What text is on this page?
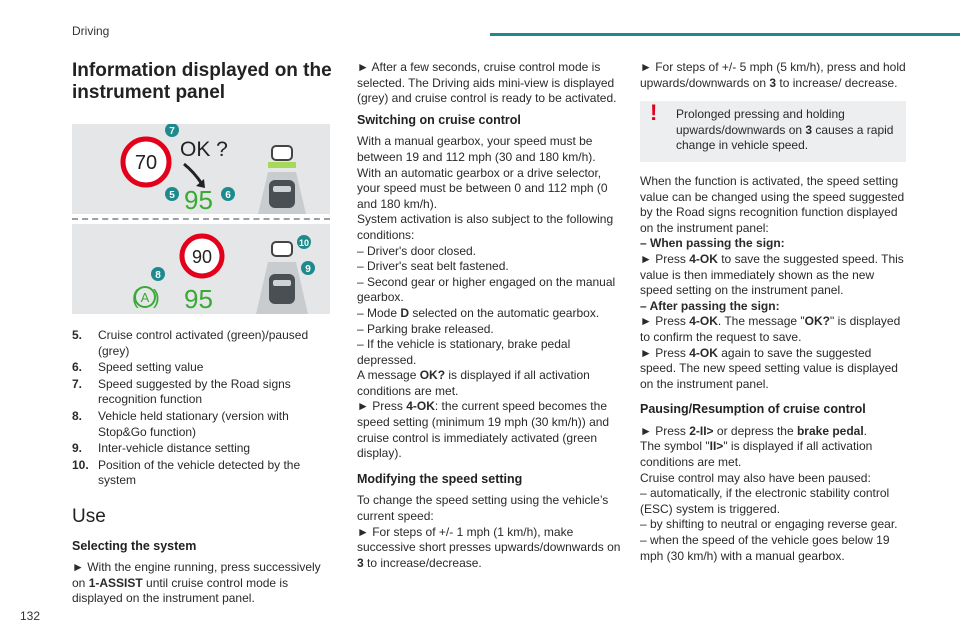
Driving
132
Information displayed on the instrument panel
70
OK ?
95
7
5	6
90
95
( A )
8
10
9
5.	Cruise control activated (green)/paused (grey)
6.	Speed setting value
7.	Speed suggested by the Road signs recognition function
8.	Vehicle held stationary (version with Stop&Go function)
9.	Inter-vehicle distance setting
10. Position of the vehicle detected by the system
Use
Selecting the system

► With the engine running, press successively on 1-ASSIST until cruise control mode is displayed on the instrument panel.

► After a few seconds, cruise control mode is selected. The Driving aids mini-view is displayed (grey) and cruise control is ready to be activated.

Switching on cruise control
With a manual gearbox, your speed must be between 19 and 112 mph (30 and 180 km/h).
With an automatic gearbox or a drive selector, your speed must be between 0 and 112 mph (0 and 180 km/h).
System activation is also subject to the following conditions:
– Driver's door closed.
– Driver's seat belt fastened.
– Second gear or higher engaged on the manual gearbox.
– Mode D selected on the automatic gearbox.
– Parking brake released.
– If the vehicle is stationary, brake pedal depressed.
A message OK? is displayed if all activation conditions are met.
► Press 4-OK: the current speed becomes the speed setting (minimum 19 mph (30 km/h)) and cruise control is immediately activated (green display).
Modifying the speed setting
To change the speed setting using the vehicle’s current speed:
► For steps of +/- 1 mph (1 km/h), make successive short presses upwards/downwards on 3 to increase/decrease.

► For steps of +/- 5 mph (5 km/h), press and hold upwards/downwards on 3 to increase/ decrease.

!	Prolonged pressing and holding upwards/downwards on 3 causes a rapid change in vehicle speed.
When the function is activated, the speed setting value can be changed using the speed suggested by the Road signs recognition function displayed on the instrument panel:
– When passing the sign:
► Press 4-OK to save the suggested speed. This value is then immediately shown as the new speed setting on the instrument panel.
– After passing the sign:
► Press 4-OK. The message "OK?" is displayed to confirm the request to save.
► Press 4-OK again to save the suggested speed. The new speed setting value is displayed on the instrument panel.
Pausing/Resumption of cruise control
► Press 2-II> or depress the brake pedal.
The symbol "II>" is displayed if all activation conditions are met.
Cruise control may also have been paused:
– automatically, if the electronic stability control (ESC) system is triggered.
– by shifting to neutral or engaging reverse gear.
– when the speed of the vehicle goes below 19 mph (30 km/h) with a manual gearbox.
